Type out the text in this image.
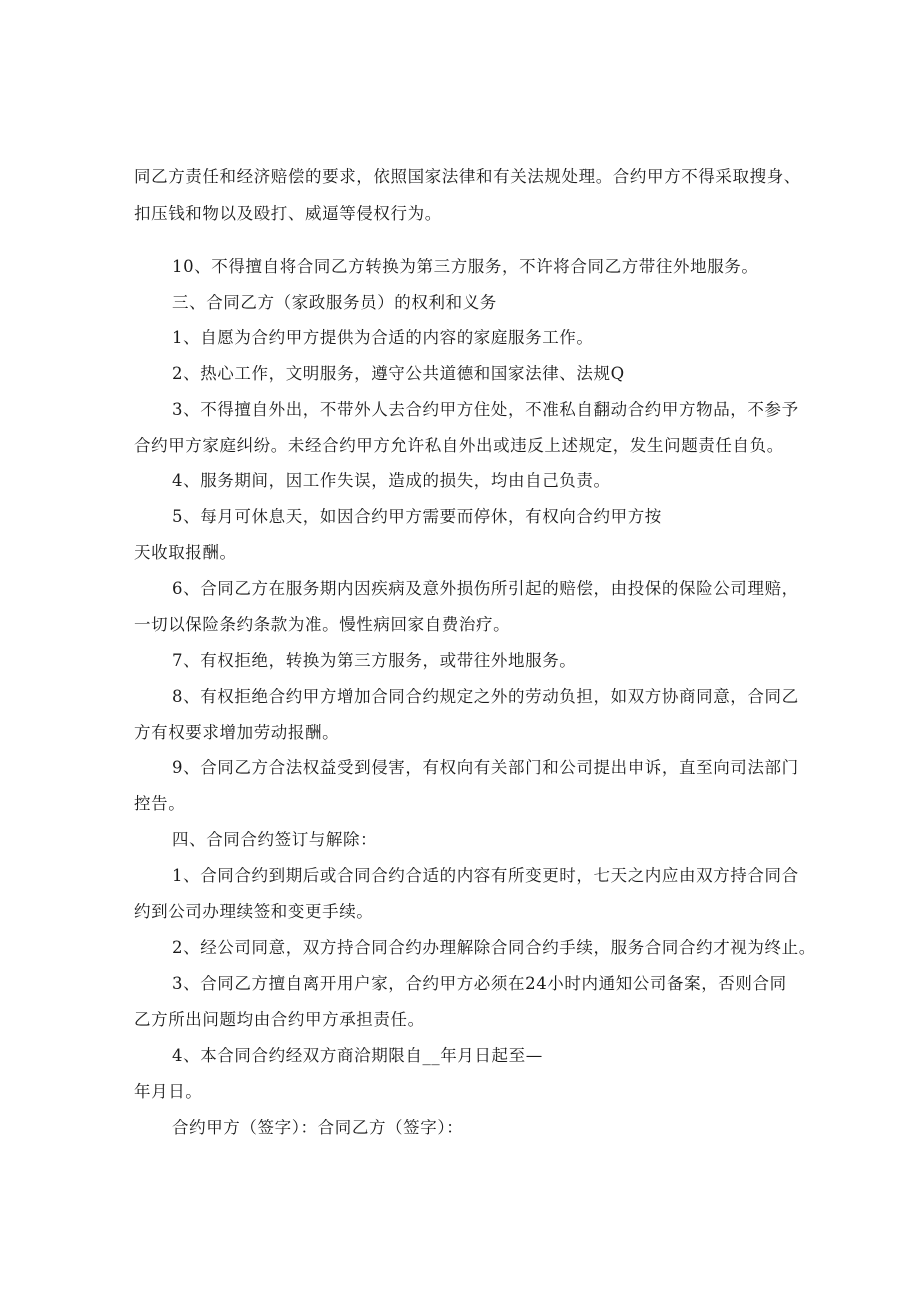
同乙方责任和经济赔偿的要求，依照国家法律和有关法规处理。合约甲方不得采取搜身、
扣压钱和物以及殴打、威逼等侵权行为。
10、不得擅自将合同乙方转换为第三方服务，不许将合同乙方带往外地服务。
三、合同乙方（家政服务员）的权利和义务
1、自愿为合约甲方提供为合适的内容的家庭服务工作。
2、热心工作，文明服务，遵守公共道德和国家法律、法规Q
3、不得擅自外出，不带外人去合约甲方住处，不准私自翻动合约甲方物品，不参予
合约甲方家庭纠纷。未经合约甲方允许私自外出或违反上述规定，发生问题责任自负。
4、服务期间，因工作失误，造成的损失，均由自己负责。
5、每月可休息天，如因合约甲方需要而停休，有权向合约甲方按
天收取报酬。
6、合同乙方在服务期内因疾病及意外损伤所引起的赔偿，由投保的保险公司理赔，
一切以保险条约条款为准。慢性病回家自费治疗。
7、有权拒绝，转换为第三方服务，或带往外地服务。
8、有权拒绝合约甲方增加合同合约规定之外的劳动负担，如双方协商同意，合同乙
方有权要求增加劳动报酬。
9、合同乙方合法权益受到侵害，有权向有关部门和公司提出申诉，直至向司法部门
控告。
四、合同合约签订与解除：
1、合同合约到期后或合同合约合适的内容有所变更时，七天之内应由双方持合同合
约到公司办理续签和变更手续。
2、经公司同意，双方持合同合约办理解除合同合约手续，服务合同合约才视为终止。
3、合同乙方擅自离开用户家，合约甲方必须在24小时内通知公司备案，否则合同
乙方所出问题均由合约甲方承担责任。
4、本合同合约经双方商洽期限自__年月日起至—
年月日。
合约甲方（签字）：合同乙方（签字）：
